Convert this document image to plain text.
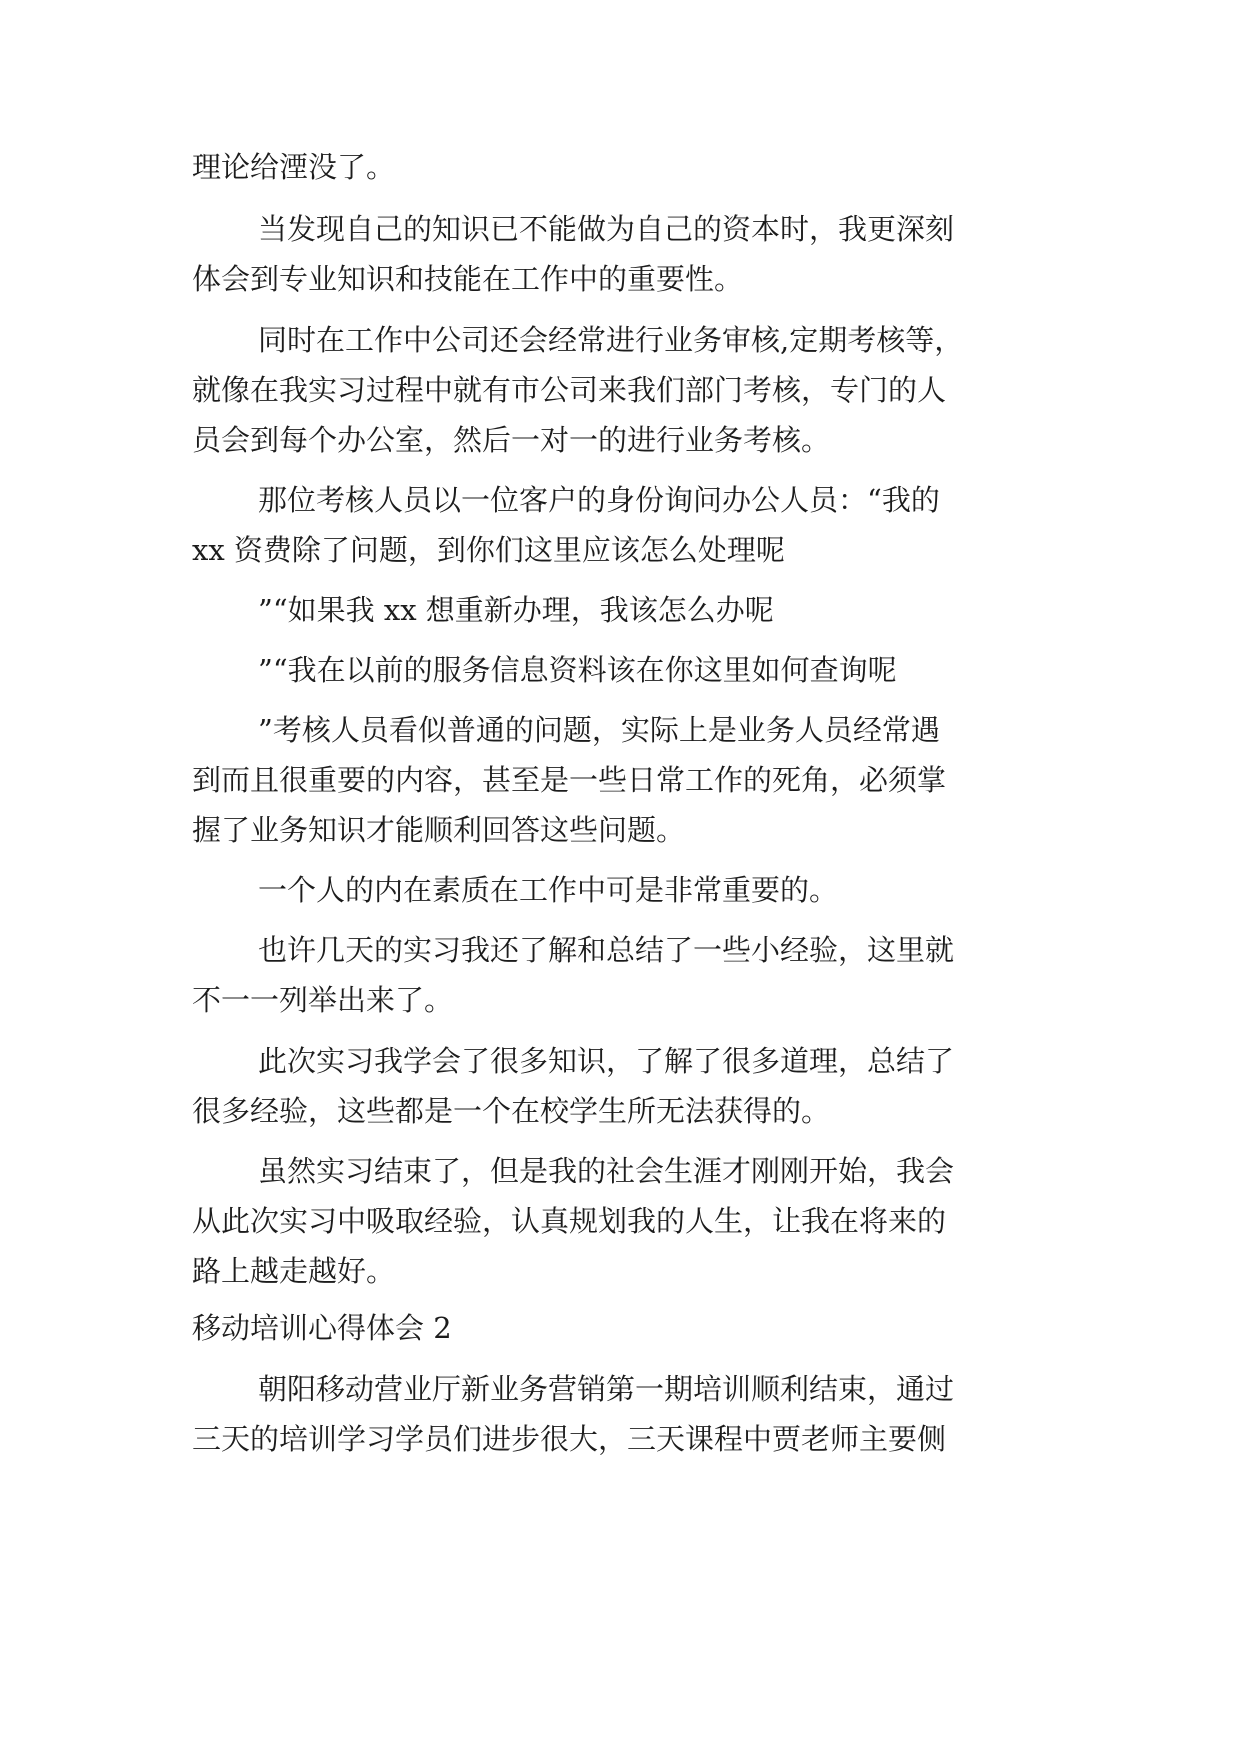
理论给湮没了。

当发现自己的知识已不能做为自己的资本时，我更深刻

体会到专业知识和技能在工作中的重要性。

同时在工作中公司还会经常进行业务审核,定期考核等，

就像在我实习过程中就有市公司来我们部门考核，专门的人

员会到每个办公室，然后一对一的进行业务考核。

那位考核人员以一位客户的身份询问办公人员：“我的

xx 资费除了问题，到你们这里应该怎么处理呢

”“如果我 xx 想重新办理，我该怎么办呢

”“我在以前的服务信息资料该在你这里如何查询呢

”考核人员看似普通的问题，实际上是业务人员经常遇

到而且很重要的内容，甚至是一些日常工作的死角，必须掌

握了业务知识才能顺利回答这些问题。

一个人的内在素质在工作中可是非常重要的。

也许几天的实习我还了解和总结了一些小经验，这里就

不一一列举出来了。

此次实习我学会了很多知识，了解了很多道理，总结了

很多经验，这些都是一个在校学生所无法获得的。

虽然实习结束了，但是我的社会生涯才刚刚开始，我会

从此次实习中吸取经验，认真规划我的人生，让我在将来的

路上越走越好。

移动培训心得体会 2

朝阳移动营业厅新业务营销第一期培训顺利结束，通过

三天的培训学习学员们进步很大，三天课程中贾老师主要侧
